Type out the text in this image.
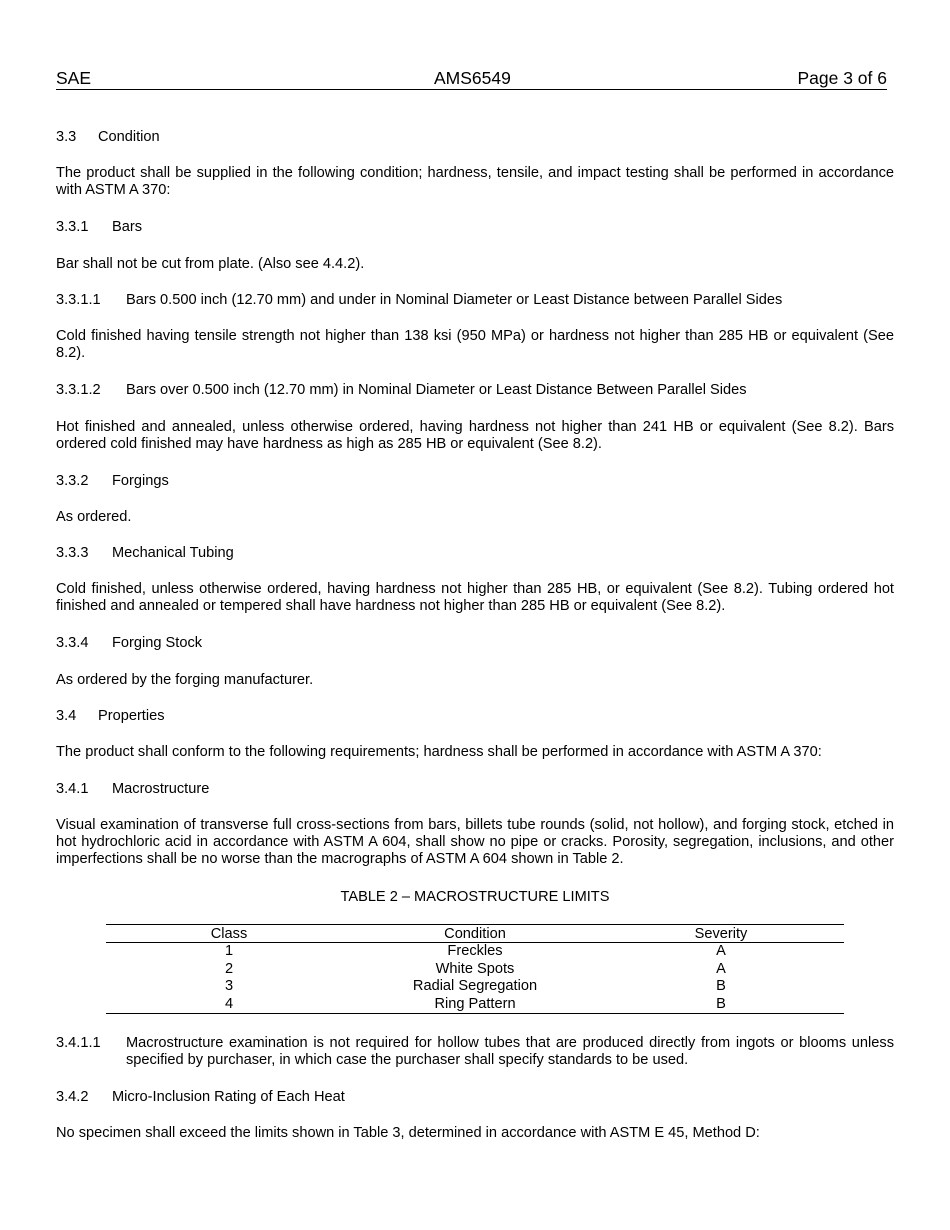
SAE	AMS6549	Page 3 of 6
3.3 Condition
The product shall be supplied in the following condition; hardness, tensile, and impact testing shall be performed in accordance with ASTM A 370:
3.3.1 Bars
Bar shall not be cut from plate. (Also see 4.4.2).
3.3.1.1 Bars 0.500 inch (12.70 mm) and under in Nominal Diameter or Least Distance between Parallel Sides
Cold finished having tensile strength not higher than 138 ksi (950 MPa) or hardness not higher than 285 HB or equivalent (See 8.2).
3.3.1.2 Bars over 0.500 inch (12.70 mm) in Nominal Diameter or Least Distance Between Parallel Sides
Hot finished and annealed, unless otherwise ordered, having hardness not higher than 241 HB or equivalent (See 8.2). Bars ordered cold finished may have hardness as high as 285 HB or equivalent (See 8.2).
3.3.2 Forgings
As ordered.
3.3.3 Mechanical Tubing
Cold finished, unless otherwise ordered, having hardness not higher than 285 HB, or equivalent (See 8.2). Tubing ordered hot finished and annealed or tempered shall have hardness not higher than 285 HB or equivalent (See 8.2).
3.3.4 Forging Stock
As ordered by the forging manufacturer.
3.4 Properties
The product shall conform to the following requirements; hardness shall be performed in accordance with ASTM A 370:
3.4.1 Macrostructure
Visual examination of transverse full cross-sections from bars, billets tube rounds (solid, not hollow), and forging stock, etched in hot hydrochloric acid in accordance with ASTM A 604, shall show no pipe or cracks. Porosity, segregation, inclusions, and other imperfections shall be no worse than the macrographs of ASTM A 604 shown in Table 2.
TABLE 2 – MACROSTRUCTURE LIMITS
Class	Condition	Severity
1	Freckles	A
2	White Spots	A
3	Radial Segregation	B
4	Ring Pattern	B
3.4.1.1 Macrostructure examination is not required for hollow tubes that are produced directly from ingots or blooms unless specified by purchaser, in which case the purchaser shall specify standards to be used.
3.4.2 Micro-Inclusion Rating of Each Heat
No specimen shall exceed the limits shown in Table 3, determined in accordance with ASTM E 45, Method D:
